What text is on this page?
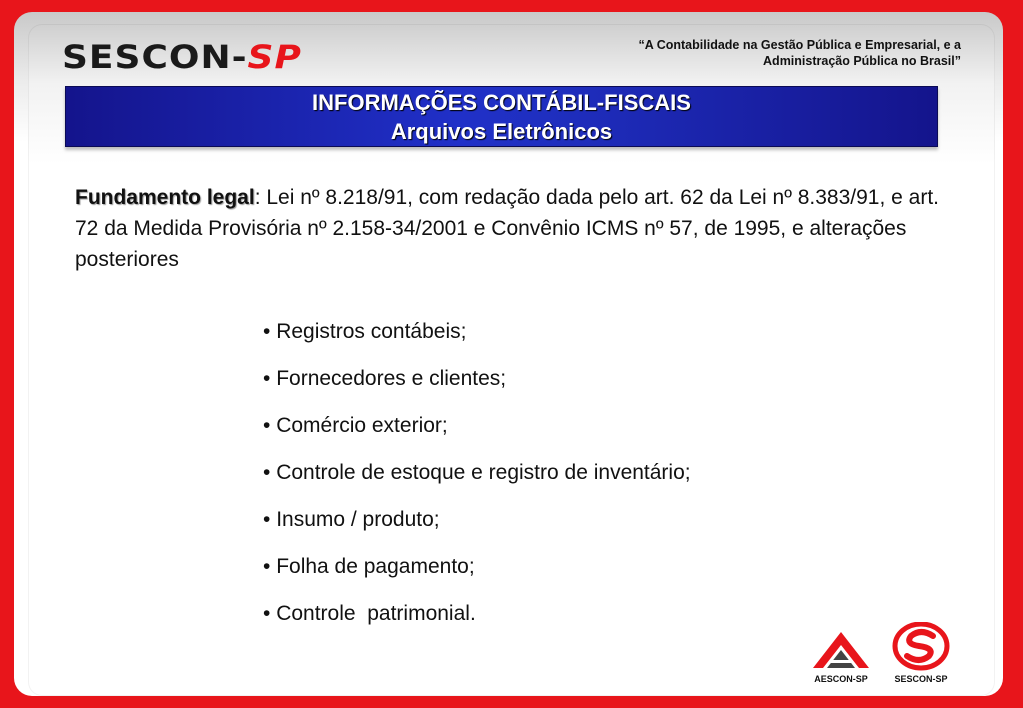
SESCON-SP	“A Contabilidade na Gestão Pública e Empresarial, e a
Administração Pública no Brasil”
INFORMAÇÕES CONTÁBIL-FISCAIS
Arquivos Eletrônicos
Fundamento legal: Lei nº 8.218/91, com redação dada pelo art. 62 da Lei nº 8.383/91, e art. 72 da Medida Provisória nº 2.158-34/2001 e Convênio ICMS nº 57, de 1995, e alterações posteriores
• Registros contábeis;
• Fornecedores e clientes;
• Comércio exterior;
• Controle de estoque e registro de inventário;
• Insumo / produto;
• Folha de pagamento;
• Controle  patrimonial.
AESCON-SP	SESCON-SP
